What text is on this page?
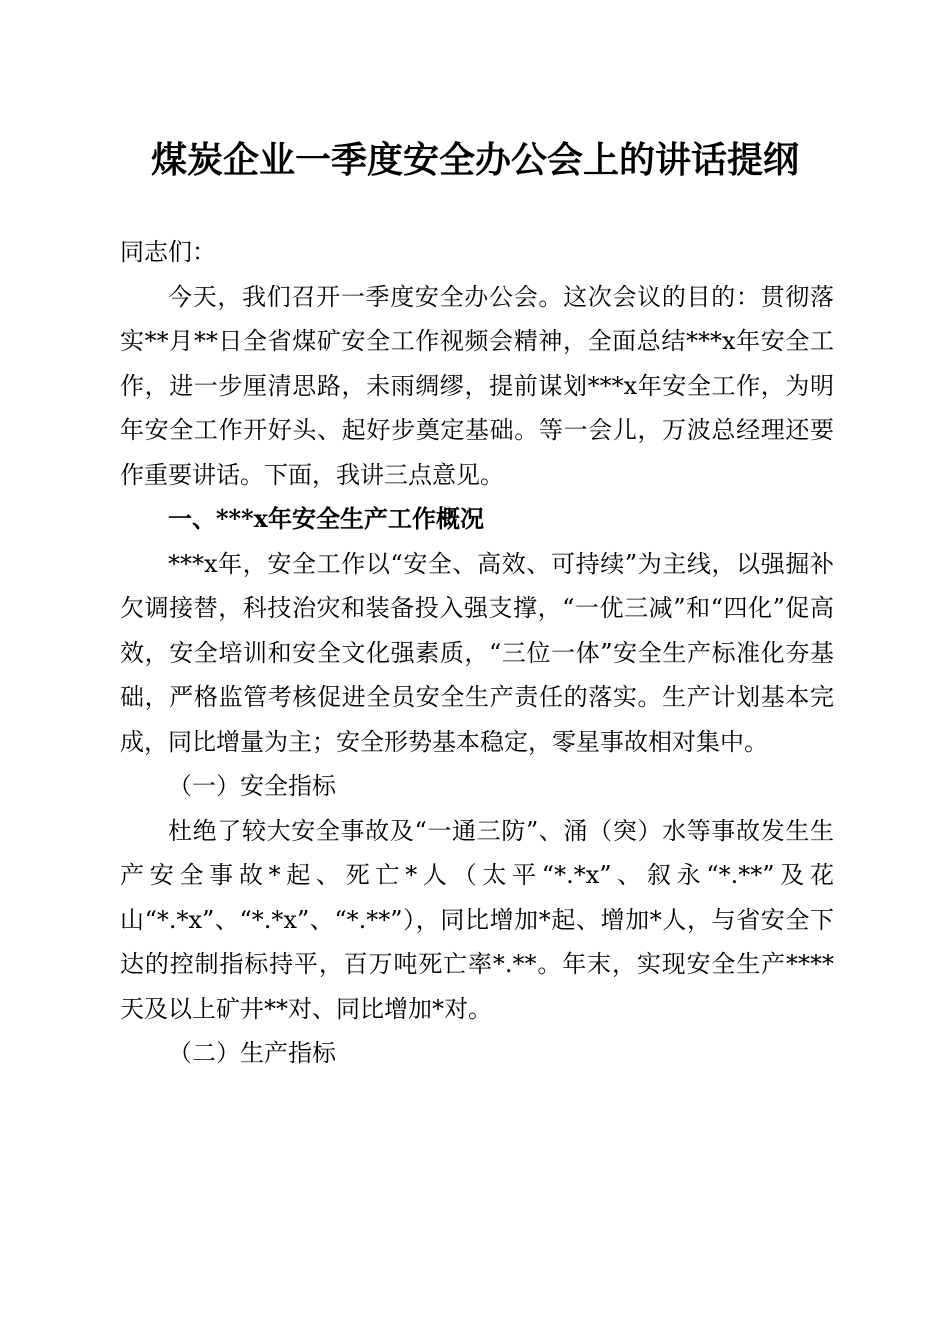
煤炭企业一季度安全办公会上的讲话提纲

同志们：

今天，我们召开一季度安全办公会。这次会议的目的：贯彻落实**月**日全省煤矿安全工作视频会精神，全面总结***x年安全工作，进一步厘清思路，未雨绸缪，提前谋划***x年安全工作，为明年安全工作开好头、起好步奠定基础。等一会儿，万波总经理还要作重要讲话。下面，我讲三点意见。

一、***x年安全生产工作概况

***x年，安全工作以“安全、高效、可持续”为主线，以强掘补欠调接替，科技治灾和装备投入强支撑，“一优三减”和“四化”促高效，安全培训和安全文化强素质，“三位一体”安全生产标准化夯基础，严格监管考核促进全员安全生产责任的落实。生产计划基本完成，同比增量为主；安全形势基本稳定，零星事故相对集中。

（一）安全指标

杜绝了较大安全事故及“一通三防”、涌（突）水等事故发生生产安全事故*起、死亡*人（太平“*.*x”、叙永“*.**”及花山“*.*x”、“*.*x”、“*.**”），同比增加*起、增加*人，与省安全下达的控制指标持平，百万吨死亡率*.**。年末，实现安全生产****天及以上矿井**对、同比增加*对。

（二）生产指标
